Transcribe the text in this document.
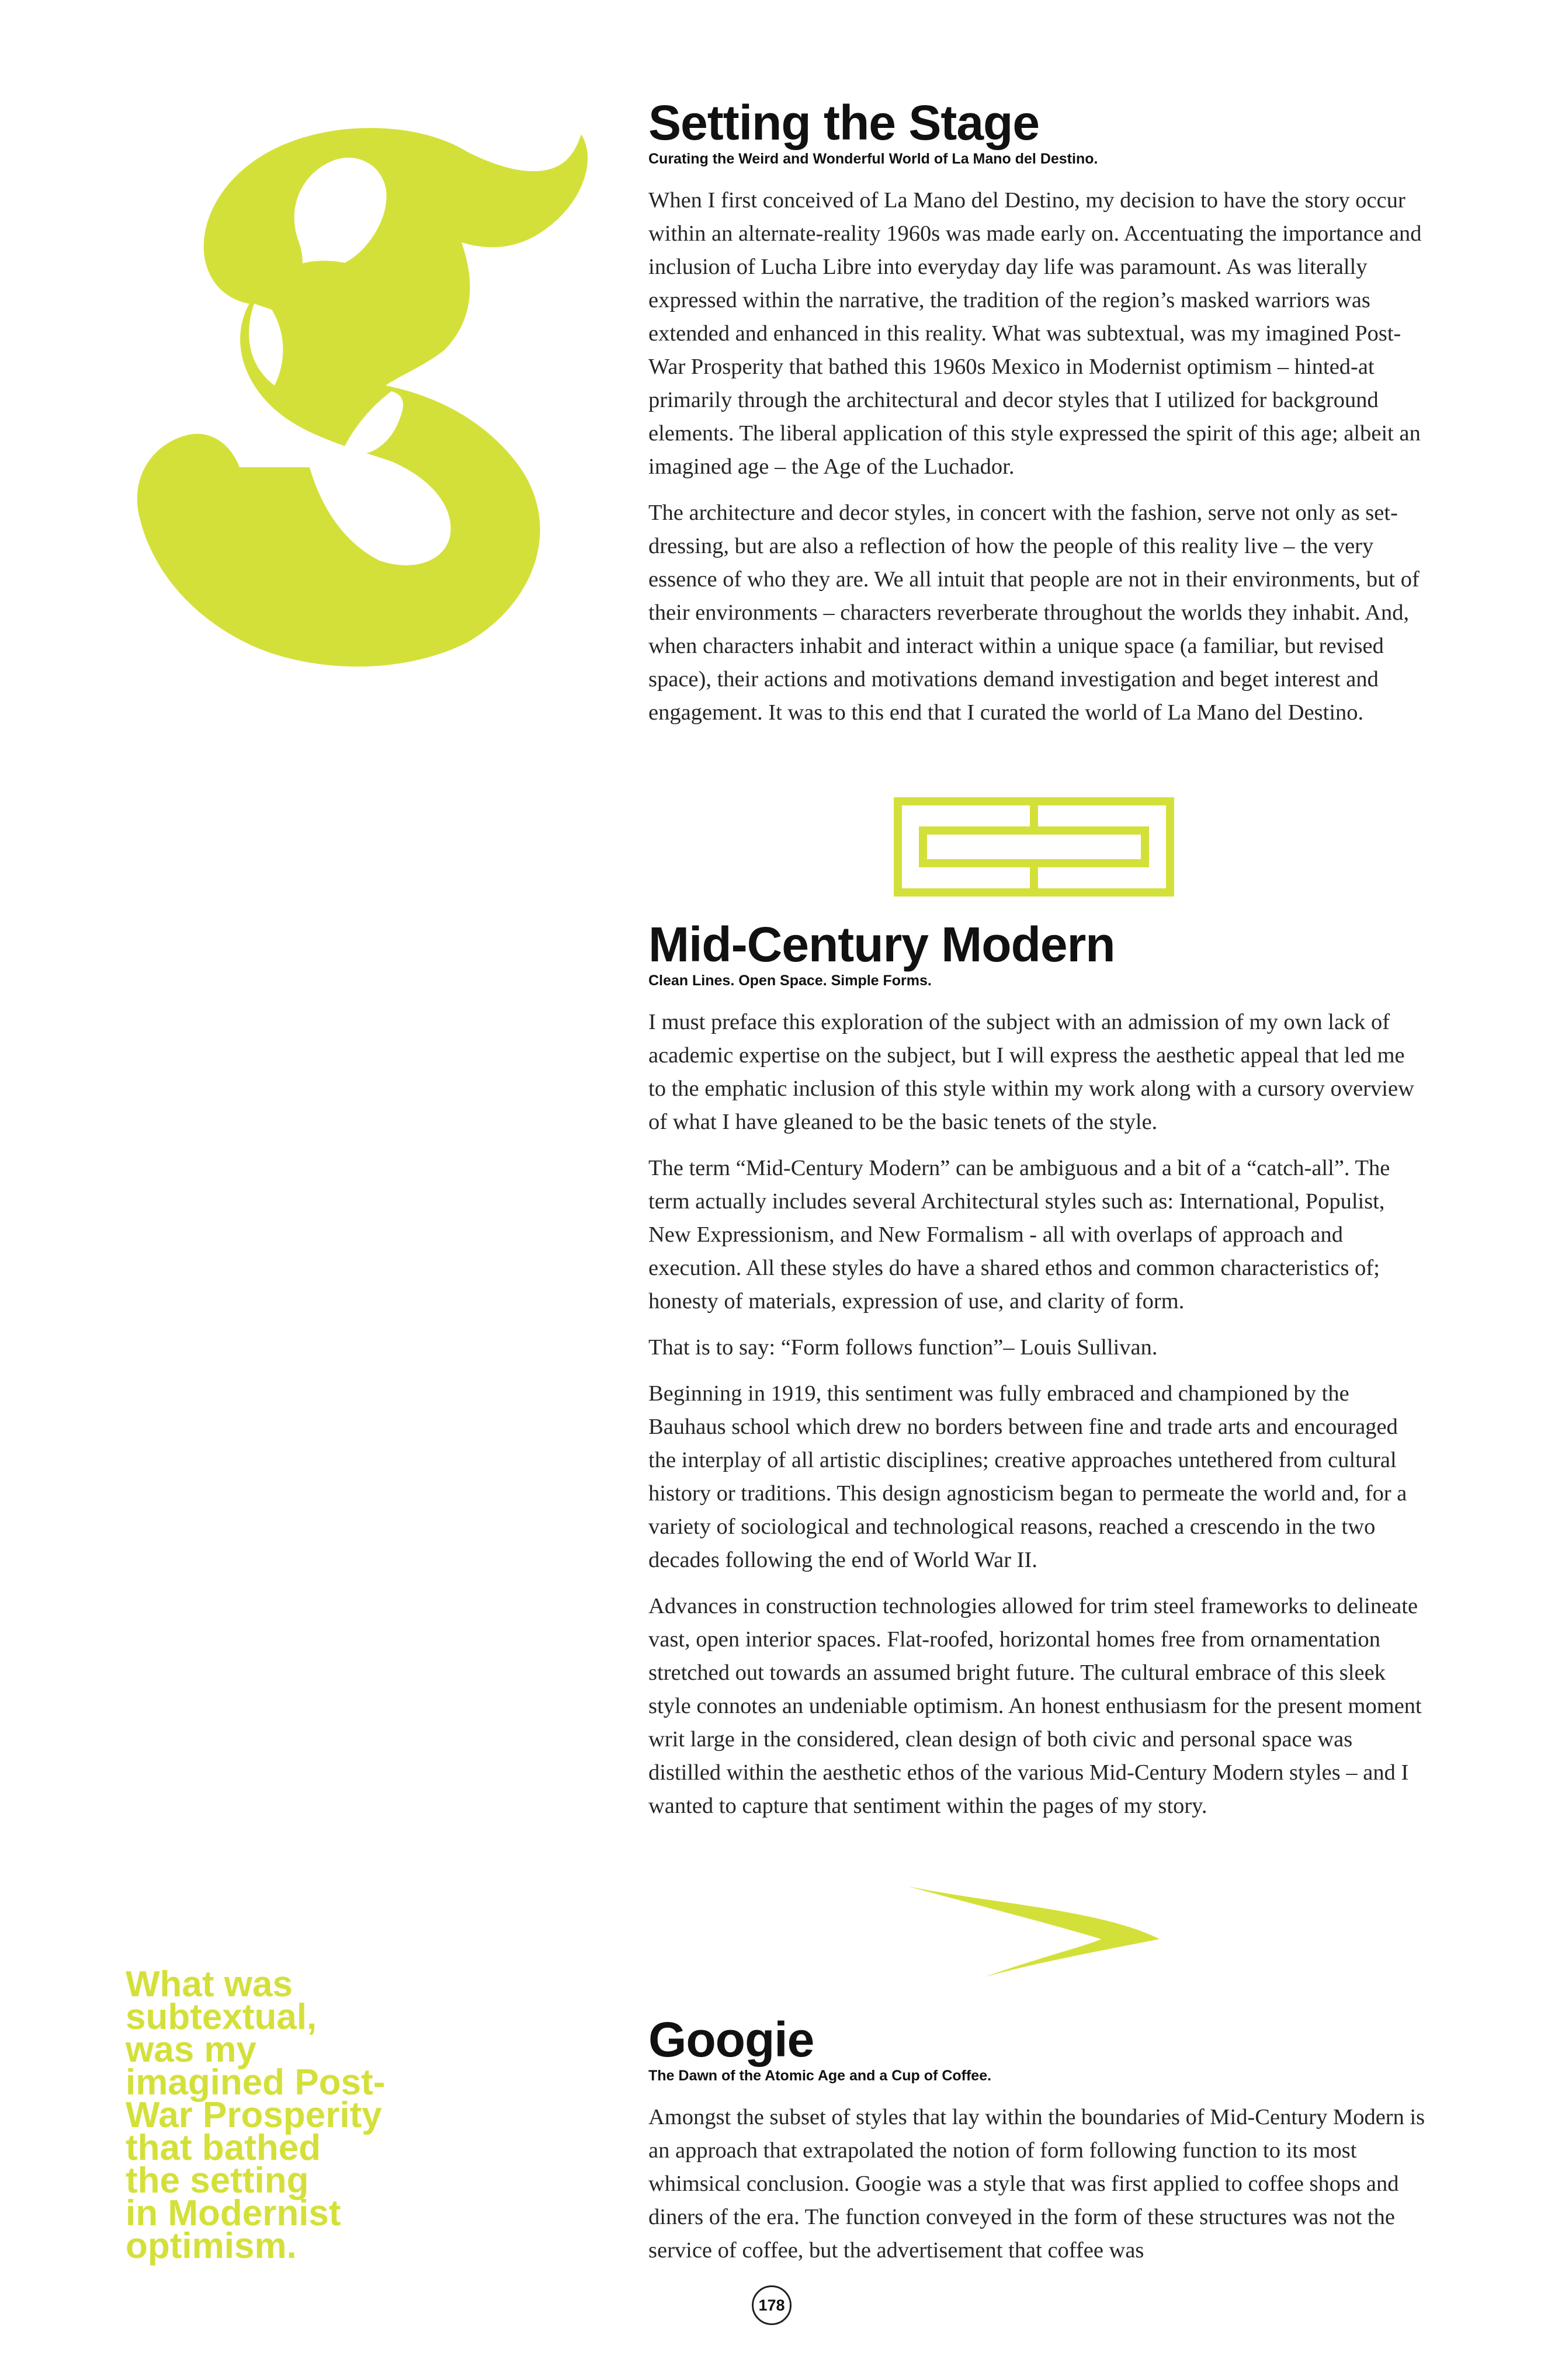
Setting the Stage
Curating the Weird and Wonderful World of La Mano del Destino.

When I first conceived of La Mano del Destino, my decision to have the story occur within an alternate-reality 1960s was made early on. Accentuating the importance and inclusion of Lucha Libre into everyday day life was paramount. As was literally expressed within the narrative, the tradition of the region’s masked warriors was extended and enhanced in this reality. What was subtextual, was my imagined Post-War Prosperity that bathed this 1960s Mexico in Modernist optimism – hinted-at primarily through the architectural and decor styles that I utilized for background elements. The liberal application of this style expressed the spirit of this age; albeit an imagined age – the Age of the Luchador.

The architecture and decor styles, in concert with the fashion, serve not only as set-dressing, but are also a reflection of how the people of this reality live – the very essence of who they are. We all intuit that people are not in their environments, but of their environments – characters reverberate throughout the worlds they inhabit. And, when characters inhabit and interact within a unique space (a familiar, but revised space), their actions and motivations demand investigation and beget interest and engagement. It was to this end that I curated the world of La Mano del Destino.

Mid-Century Modern
Clean Lines. Open Space. Simple Forms.

I must preface this exploration of the subject with an admission of my own lack of academic expertise on the subject, but I will express the aesthetic appeal that led me to the emphatic inclusion of this style within my work along with a cursory overview of what I have gleaned to be the basic tenets of the style.

The term “Mid-Century Modern” can be ambiguous and a bit of a “catch-all”. The term actually includes several Architectural styles such as: International, Populist, New Expressionism, and New Formalism - all with overlaps of approach and execution. All these styles do have a shared ethos and common characteristics of; honesty of materials, expression of use, and clarity of form.

That is to say: “Form follows function”– Louis Sullivan.

Beginning in 1919, this sentiment was fully embraced and championed by the Bauhaus school which drew no borders between fine and trade arts and encouraged the interplay of all artistic disciplines; creative approaches untethered from cultural history or traditions. This design agnosticism began to permeate the world and, for a variety of sociological and technological reasons, reached a crescendo in the two decades following the end of World War II.

Advances in construction technologies allowed for trim steel frameworks to delineate vast, open interior spaces. Flat-roofed, horizontal homes free from ornamentation stretched out towards an assumed bright future. The cultural embrace of this sleek style connotes an undeniable optimism. An honest enthusiasm for the present moment writ large in the considered, clean design of both civic and personal space was distilled within the aesthetic ethos of the various Mid-Century Modern styles – and I wanted to capture that sentiment within the pages of my story.

What was
subtextual,
was my
imagined Post-
War Prosperity
that bathed
the setting
in Modernist
optimism.
Googie
The Dawn of the Atomic Age and a Cup of Coffee.

Amongst the subset of styles that lay within the boundaries of Mid-Century Modern is an approach that extrapolated the notion of form following function to its most whimsical conclusion. Googie was a style that was first applied to coffee shops and diners of the era. The function conveyed in the form of these structures was not the service of coffee, but the advertisement that coffee was

178
